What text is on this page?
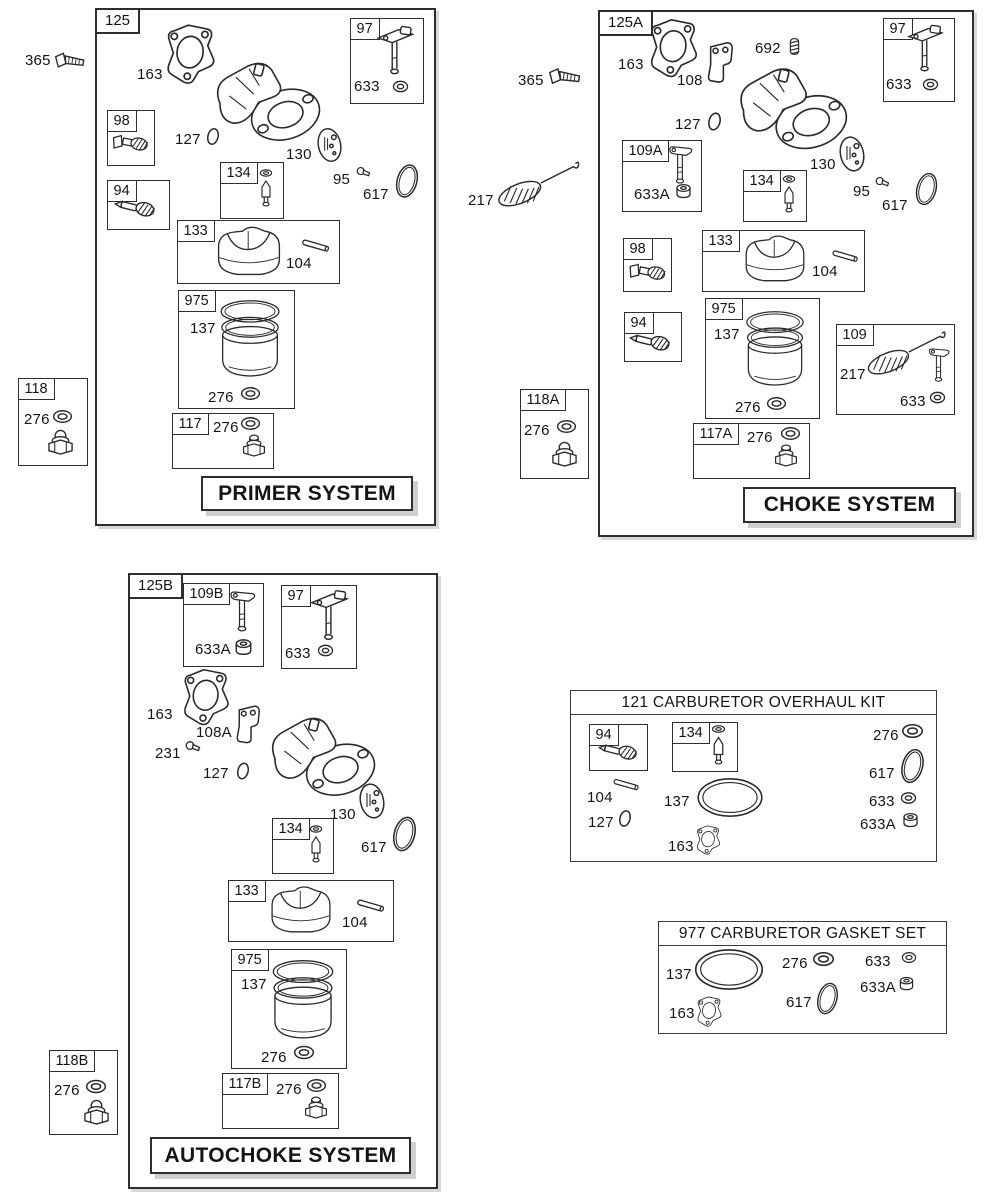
125
365
118
276
163
97
633
98
94
127
130
134	95
617
133
104
975
137
276
117 276
PRIMER SYSTEM
125A
365
217
118A
276
163
108
692
97
633
127
130
95
617
109A
633A
134
98	133
104
94
975
137
276
109
217
633
117A 276
CHOKE SYSTEM
125B	109B
633A
97
633
163
108A
231
127
130
134
617
133
104
975
137
276
117B 276
118B
276
AUTOCHOKE SYSTEM
121 CARBURETOR OVERHAUL KIT
94	134	276
617
633
633A
104
127
137
163
977 CARBURETOR GASKET SET
137
276	633
633A
617
163
